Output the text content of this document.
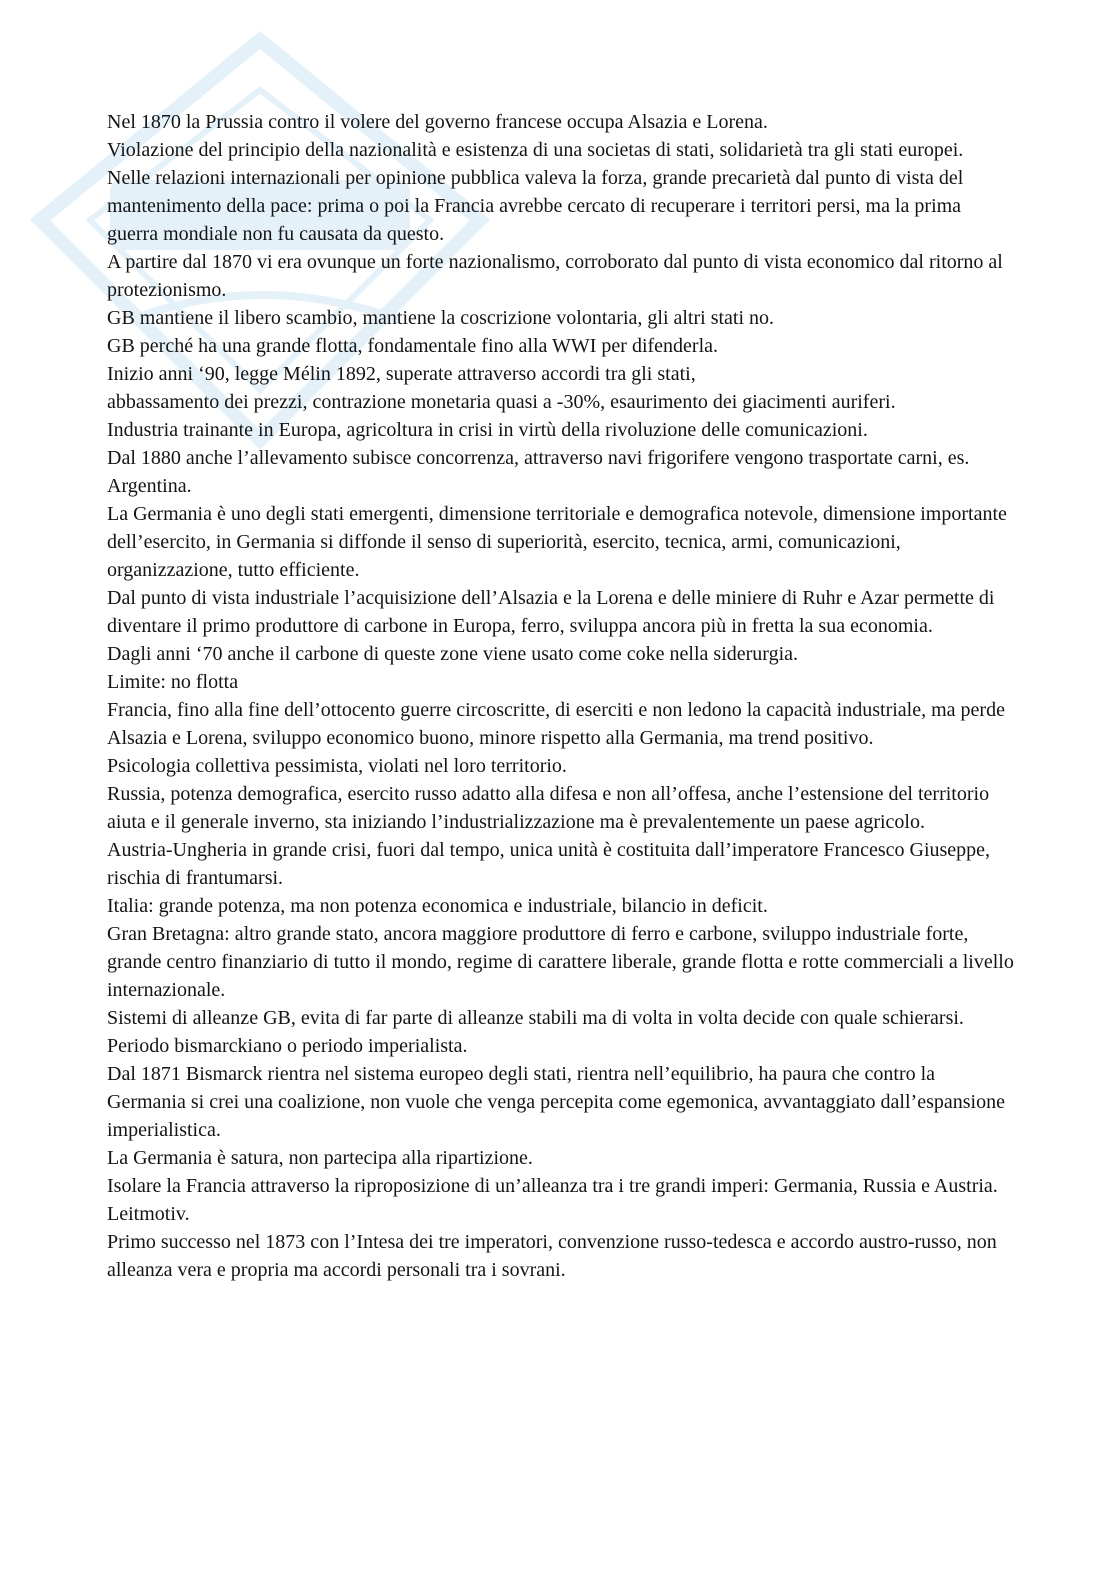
Nel 1870 la Prussia contro il volere del governo francese occupa Alsazia e Lorena.

Violazione del principio della nazionalità e esistenza di una societas di stati, solidarietà tra gli stati europei.

Nelle relazioni internazionali per opinione pubblica valeva la forza, grande precarietà dal punto di vista del mantenimento della pace: prima o poi la Francia avrebbe cercato di recuperare i territori persi, ma la prima guerra mondiale non fu causata da questo.

A partire dal 1870 vi era ovunque un forte nazionalismo, corroborato dal punto di vista economico dal ritorno al protezionismo.

GB mantiene il libero scambio, mantiene la coscrizione volontaria, gli altri stati no.

GB perché ha una grande flotta, fondamentale fino alla WWI per difenderla.

Inizio anni ‘90, legge Mélin 1892, superate attraverso accordi tra gli stati,

abbassamento dei prezzi, contrazione monetaria quasi a -30%, esaurimento dei giacimenti auriferi.

Industria trainante in Europa, agricoltura in crisi in virtù della rivoluzione delle comunicazioni.

Dal 1880 anche l’allevamento subisce concorrenza, attraverso navi frigorifere vengono trasportate carni, es. Argentina.

La Germania è uno degli stati emergenti, dimensione territoriale e demografica notevole, dimensione importante dell’esercito, in Germania si diffonde il senso di superiorità, esercito, tecnica, armi, comunicazioni, organizzazione, tutto efficiente.

Dal punto di vista industriale l’acquisizione dell’Alsazia e la Lorena e delle miniere di Ruhr e Azar permette di diventare il primo produttore di carbone in Europa, ferro, sviluppa ancora più in fretta la sua economia.

Dagli anni ‘70 anche il carbone di queste zone viene usato come coke nella siderurgia.

Limite: no flotta

Francia, fino alla fine dell’ottocento guerre circoscritte, di eserciti e non ledono la capacità industriale, ma perde Alsazia e Lorena, sviluppo economico buono, minore rispetto alla Germania, ma trend positivo.

Psicologia collettiva pessimista, violati nel loro territorio.

Russia, potenza demografica, esercito russo adatto alla difesa e non all’offesa, anche l’estensione del territorio aiuta e il generale inverno, sta iniziando l’industrializzazione ma è prevalentemente un paese agricolo.

Austria-Ungheria in grande crisi, fuori dal tempo, unica unità è costituita dall’imperatore Francesco Giuseppe, rischia di frantumarsi.

Italia: grande potenza, ma non potenza economica e industriale, bilancio in deficit.

Gran Bretagna: altro grande stato, ancora maggiore produttore di ferro e carbone, sviluppo industriale forte, grande centro finanziario di tutto il mondo, regime di carattere liberale, grande flotta e rotte commerciali a livello internazionale.

Sistemi di alleanze GB, evita di far parte di alleanze stabili ma di volta in volta decide con quale schierarsi.

Periodo bismarckiano o periodo imperialista.

Dal 1871 Bismarck rientra nel sistema europeo degli stati, rientra nell’equilibrio, ha paura che contro la Germania si crei una coalizione, non vuole che venga percepita come egemonica, avvantaggiato dall’espansione imperialistica.

La Germania è satura, non partecipa alla ripartizione.

Isolare la Francia attraverso la riproposizione di un’alleanza tra i tre grandi imperi: Germania, Russia e Austria. Leitmotiv.

Primo successo nel 1873 con l’Intesa dei tre imperatori, convenzione russo-tedesca e accordo austro-russo, non alleanza vera e propria ma accordi personali tra i sovrani.
